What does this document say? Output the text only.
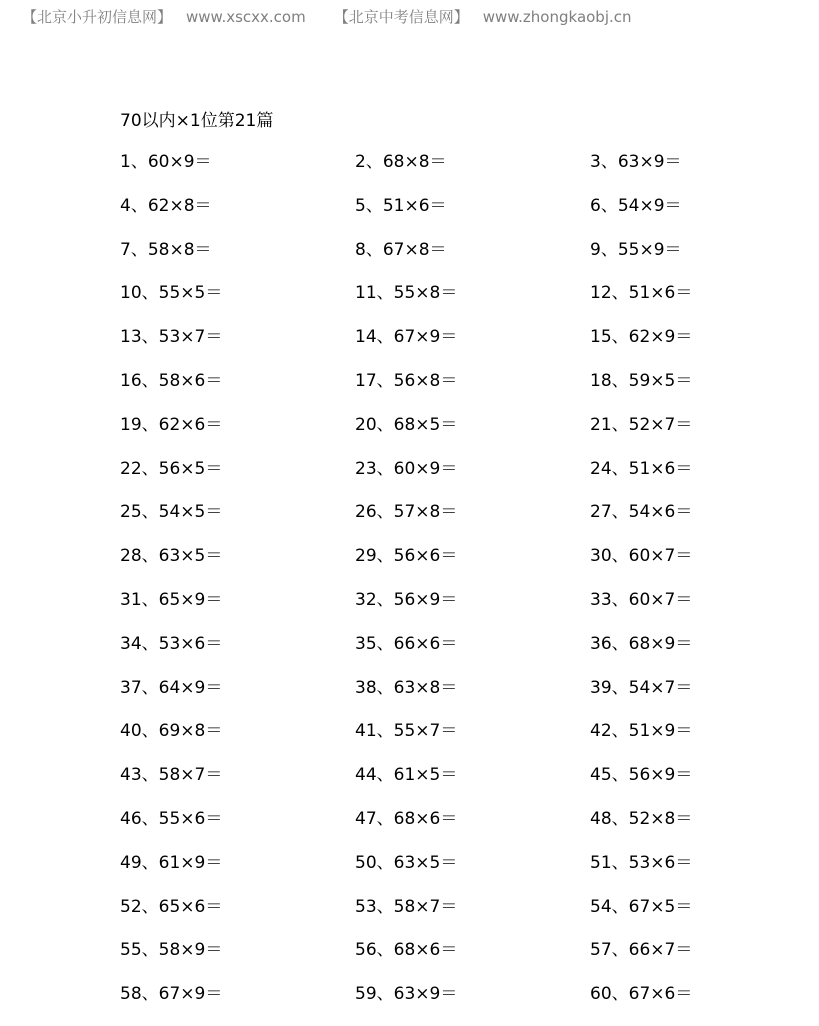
【北京小升初信息网】 www.xscxx.com 【北京中考信息网】 www.zhongkaobj.cn
70以内×1位第21篇
1、60×9＝	2、68×8＝	3、63×9＝
4、62×8＝	5、51×6＝	6、54×9＝
7、58×8＝	8、67×8＝	9、55×9＝
10、55×5＝	11、55×8＝	12、51×6＝
13、53×7＝	14、67×9＝	15、62×9＝
16、58×6＝	17、56×8＝	18、59×5＝
19、62×6＝	20、68×5＝	21、52×7＝
22、56×5＝	23、60×9＝	24、51×6＝
25、54×5＝	26、57×8＝	27、54×6＝
28、63×5＝	29、56×6＝	30、60×7＝
31、65×9＝	32、56×9＝	33、60×7＝
34、53×6＝	35、66×6＝	36、68×9＝
37、64×9＝	38、63×8＝	39、54×7＝
40、69×8＝	41、55×7＝	42、51×9＝
43、58×7＝	44、61×5＝	45、56×9＝
46、55×6＝	47、68×6＝	48、52×8＝
49、61×9＝	50、63×5＝	51、53×6＝
52、65×6＝	53、58×7＝	54、67×5＝
55、58×9＝	56、68×6＝	57、66×7＝
58、67×9＝	59、63×9＝	60、67×6＝
